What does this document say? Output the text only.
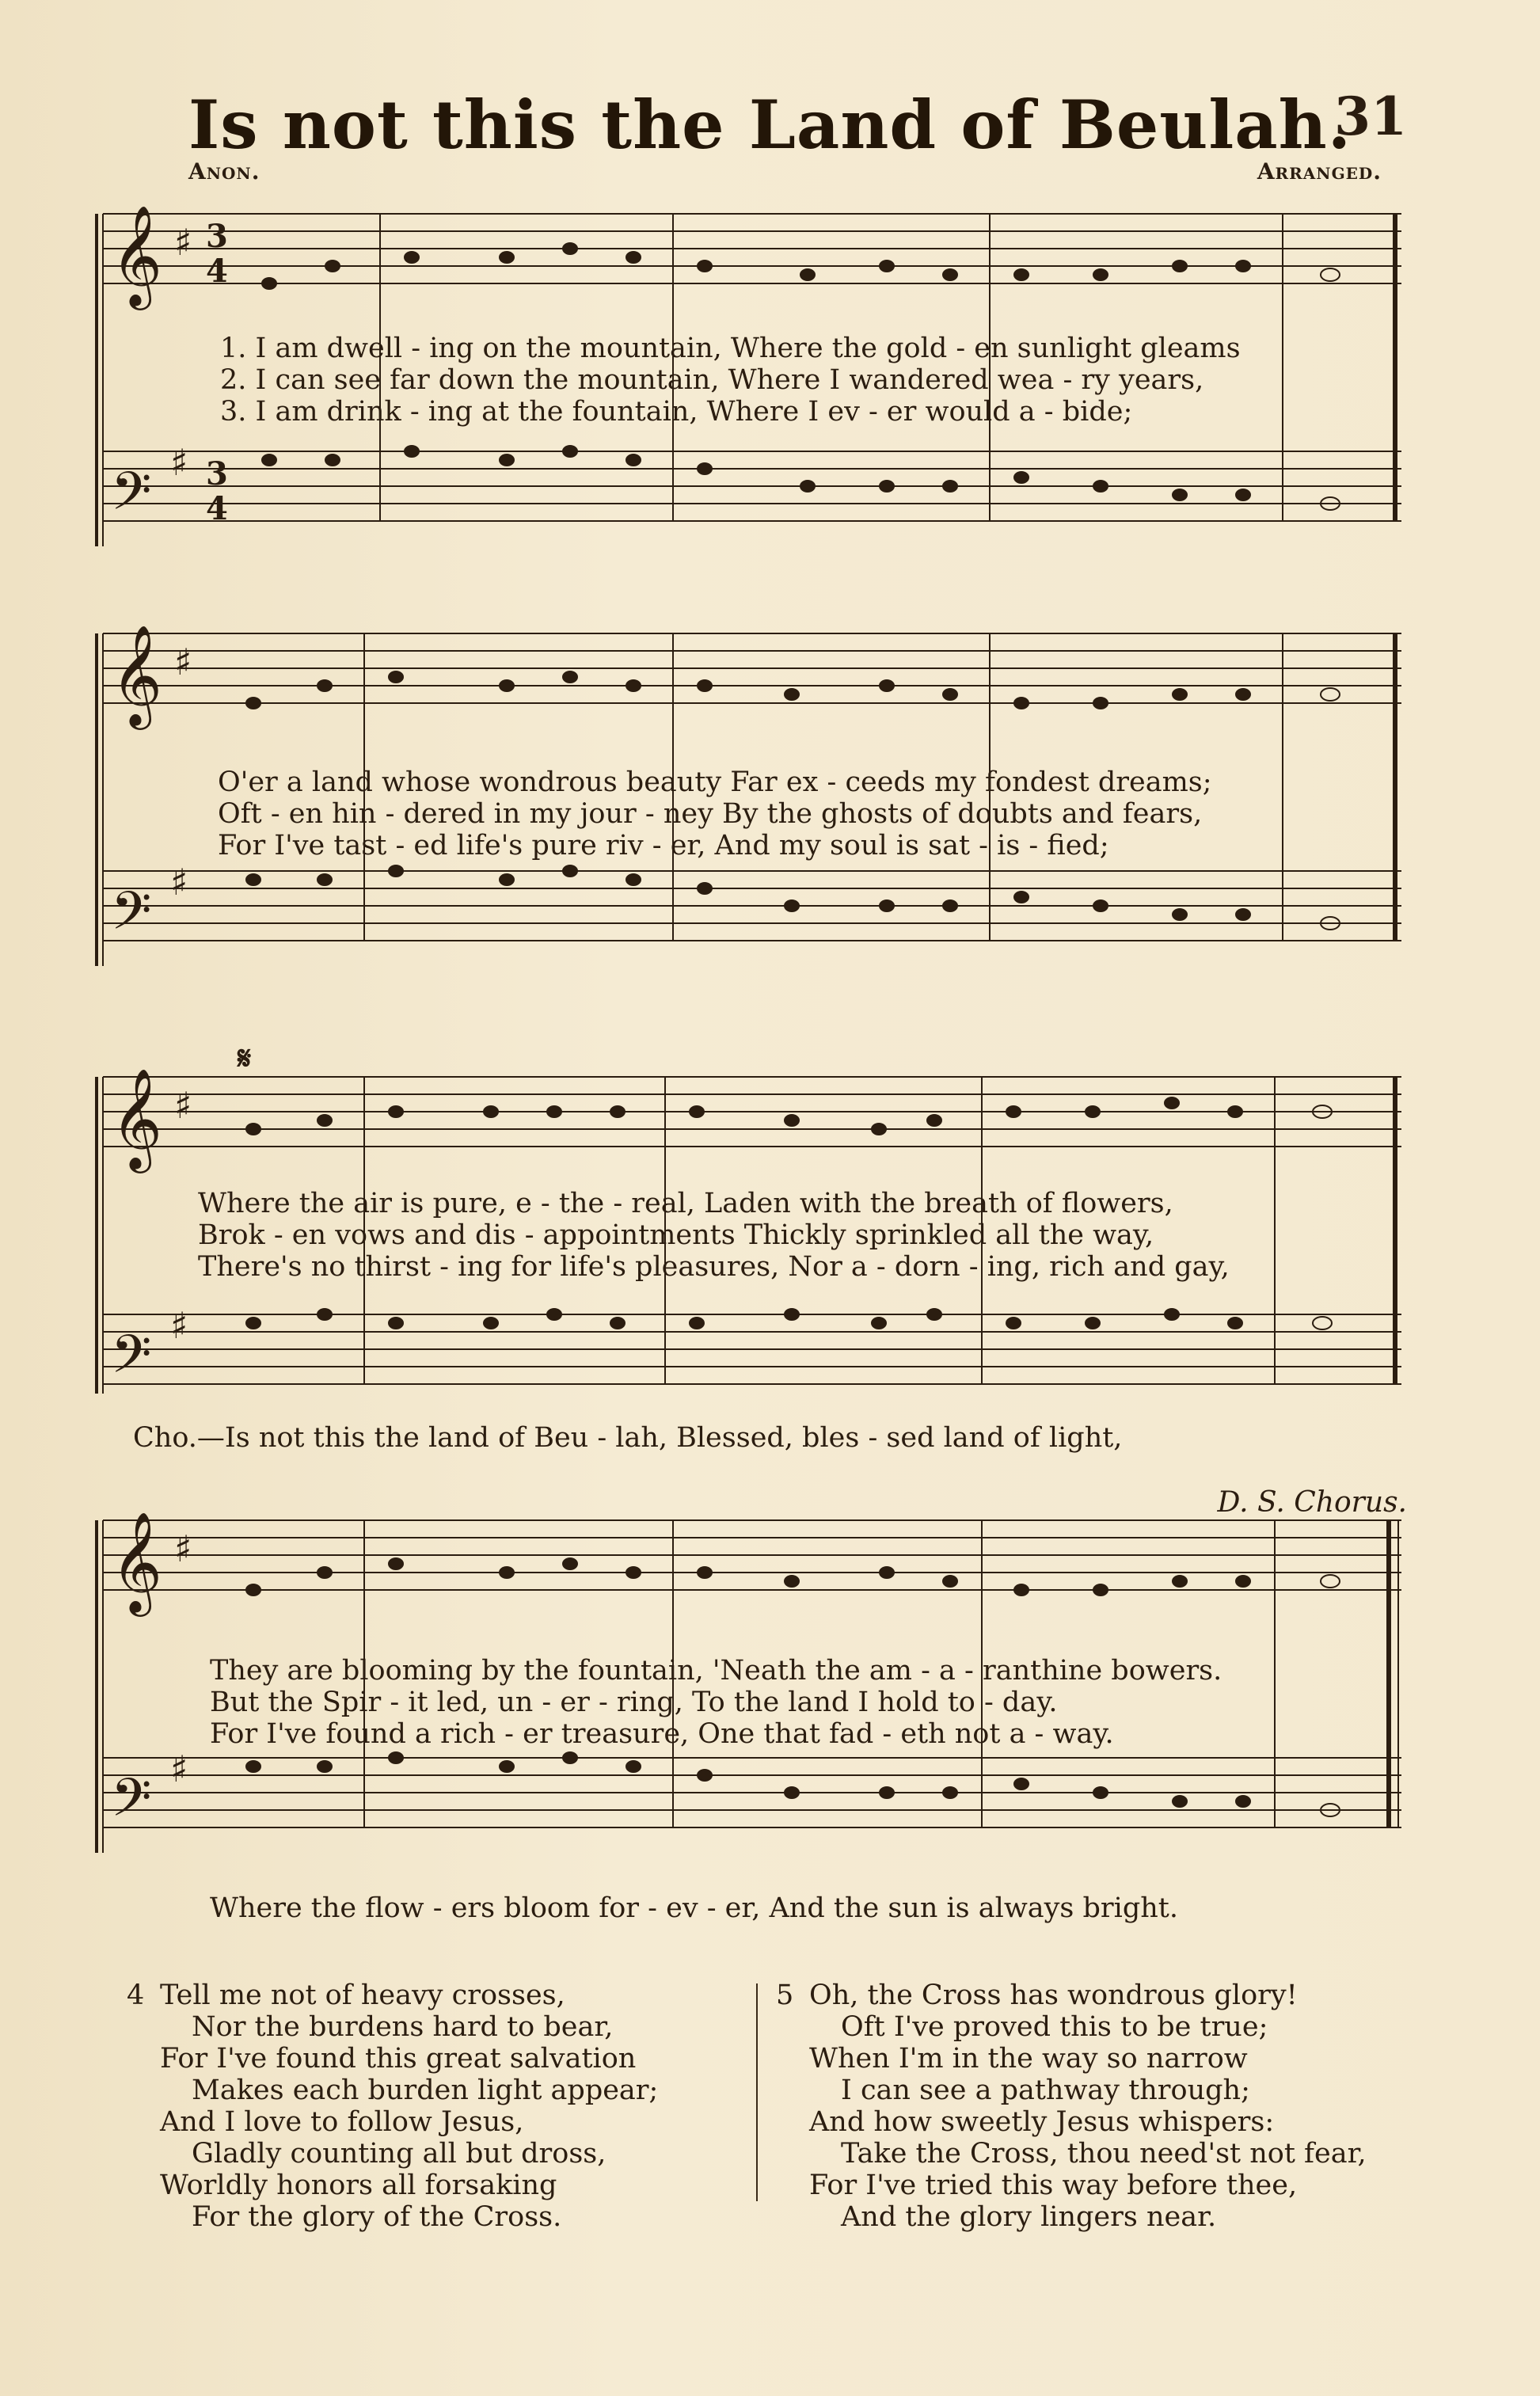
Is not this the Land of Beulah.
31
Anon.	Arranged.
𝄞 ♯ 3
4
𝄢 ♯ 3
4
𝄞 ♯
𝄢 ♯
𝄞 ♯
𝄋
𝄢 ♯
𝄞 ♯
𝄢 ♯
1. I am dwell - ing on the mountain, Where the gold - en sunlight gleams
2. I can see far down the mountain, Where I wandered wea - ry years,
3. I am drink - ing at the fountain, Where I ev - er would a - bide;
O'er a land whose wondrous beauty Far ex - ceeds my fondest dreams;
Oft - en hin - dered in my jour - ney By the ghosts of doubts and fears,
For I've tast - ed life's pure riv - er, And my soul is sat - is - fied;
Where the air is pure, e - the - real, Laden with the breath of flowers,
Brok - en vows and dis - appointments Thickly sprinkled all the way,
There's no thirst - ing for life's pleasures, Nor a - dorn - ing, rich and gay,
Cho.—Is not this the land of Beu - lah, Blessed, bles - sed land of light,
D. S. Chorus.
They are blooming by the fountain, 'Neath the am - a - ranthine bowers.
But the Spir - it led, un - er - ring, To the land I hold to - day.
For I've found a rich - er treasure, One that fad - eth not a - way.
Where the flow - ers bloom for - ev - er, And the sun is always bright.
4 Tell me not of heavy crosses,
Nor the burdens hard to bear,
For I've found this great salvation
Makes each burden light appear;
And I love to follow Jesus,
Gladly counting all but dross,
Worldly honors all forsaking
For the glory of the Cross.
5 Oh, the Cross has wondrous glory!
Oft I've proved this to be true;
When I'm in the way so narrow
I can see a pathway through;
And how sweetly Jesus whispers:
Take the Cross, thou need'st not fear,
For I've tried this way before thee,
And the glory lingers near.
